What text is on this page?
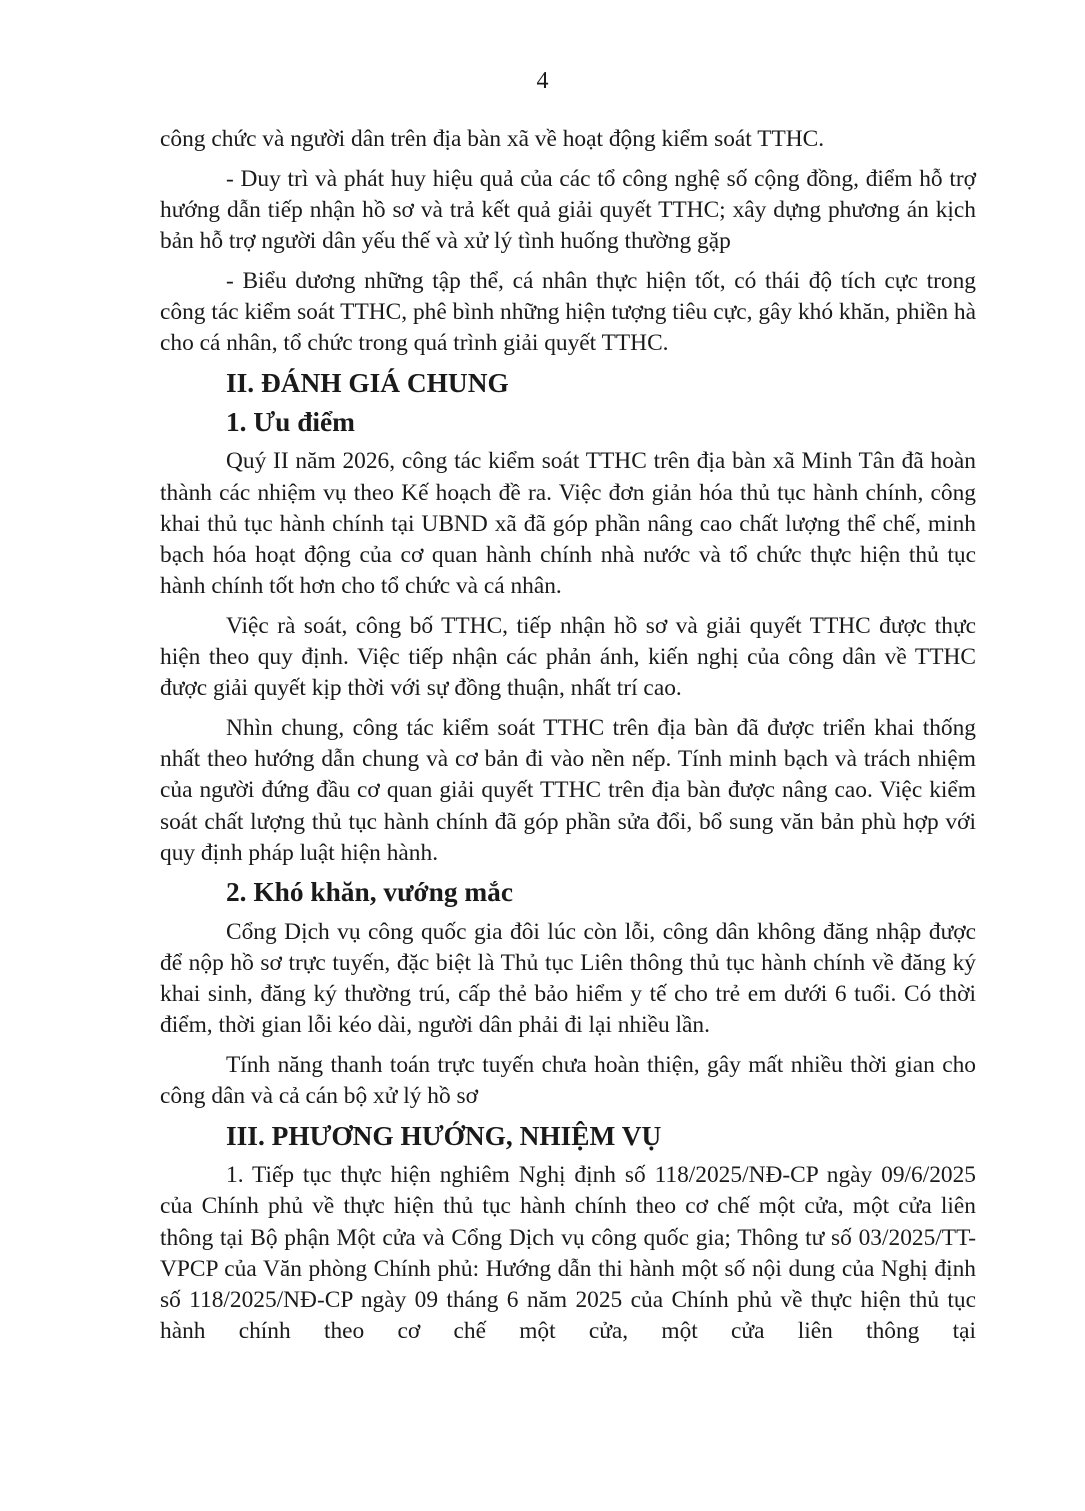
4

công chức và người dân trên địa bàn xã về hoạt động kiểm soát TTHC.

- Duy trì và phát huy hiệu quả của các tổ công nghệ số cộng đồng, điểm hỗ trợ hướng dẫn tiếp nhận hồ sơ và trả kết quả giải quyết TTHC; xây dựng phương án kịch bản hỗ trợ người dân yếu thế và xử lý tình huống thường gặp

- Biểu dương những tập thể, cá nhân thực hiện tốt, có thái độ tích cực trong công tác kiểm soát TTHC, phê bình những hiện tượng tiêu cực, gây khó khăn, phiền hà cho cá nhân, tổ chức trong quá trình giải quyết TTHC.

II. ĐÁNH GIÁ CHUNG
1. Ưu điểm

Quý II năm 2026, công tác kiểm soát TTHC trên địa bàn xã Minh Tân đã hoàn thành các nhiệm vụ theo Kế hoạch đề ra. Việc đơn giản hóa thủ tục hành chính, công khai thủ tục hành chính tại UBND xã đã góp phần nâng cao chất lượng thể chế, minh bạch hóa hoạt động của cơ quan hành chính nhà nước và tổ chức thực hiện thủ tục hành chính tốt hơn cho tổ chức và cá nhân.

Việc rà soát, công bố TTHC, tiếp nhận hồ sơ và giải quyết TTHC được thực hiện theo quy định. Việc tiếp nhận các phản ánh, kiến nghị của công dân về TTHC được giải quyết kịp thời với sự đồng thuận, nhất trí cao.

Nhìn chung, công tác kiểm soát TTHC trên địa bàn đã được triển khai thống nhất theo hướng dẫn chung và cơ bản đi vào nền nếp. Tính minh bạch và trách nhiệm của người đứng đầu cơ quan giải quyết TTHC trên địa bàn được nâng cao. Việc kiểm soát chất lượng thủ tục hành chính đã góp phần sửa đổi, bổ sung văn bản phù hợp với quy định pháp luật hiện hành.

2. Khó khăn, vướng mắc

Cổng Dịch vụ công quốc gia đôi lúc còn lỗi, công dân không đăng nhập được để nộp hồ sơ trực tuyến, đặc biệt là Thủ tục Liên thông thủ tục hành chính về đăng ký khai sinh, đăng ký thường trú, cấp thẻ bảo hiểm y tế cho trẻ em dưới 6 tuổi. Có thời điểm, thời gian lỗi kéo dài, người dân phải đi lại nhiều lần.

Tính năng thanh toán trực tuyến chưa hoàn thiện, gây mất nhiều thời gian cho công dân và cả cán bộ xử lý hồ sơ

III. PHƯƠNG HƯỚNG, NHIỆM VỤ

1. Tiếp tục thực hiện nghiêm Nghị định số 118/2025/NĐ-CP ngày 09/6/2025 của Chính phủ về thực hiện thủ tục hành chính theo cơ chế một cửa, một cửa liên thông tại Bộ phận Một cửa và Cổng Dịch vụ công quốc gia; Thông tư số 03/2025/TT-VPCP của Văn phòng Chính phủ: Hướng dẫn thi hành một số nội dung của Nghị định số 118/2025/NĐ-CP ngày 09 tháng 6 năm 2025 của Chính phủ về thực hiện thủ tục hành chính theo cơ chế một cửa, một cửa liên thông tại
